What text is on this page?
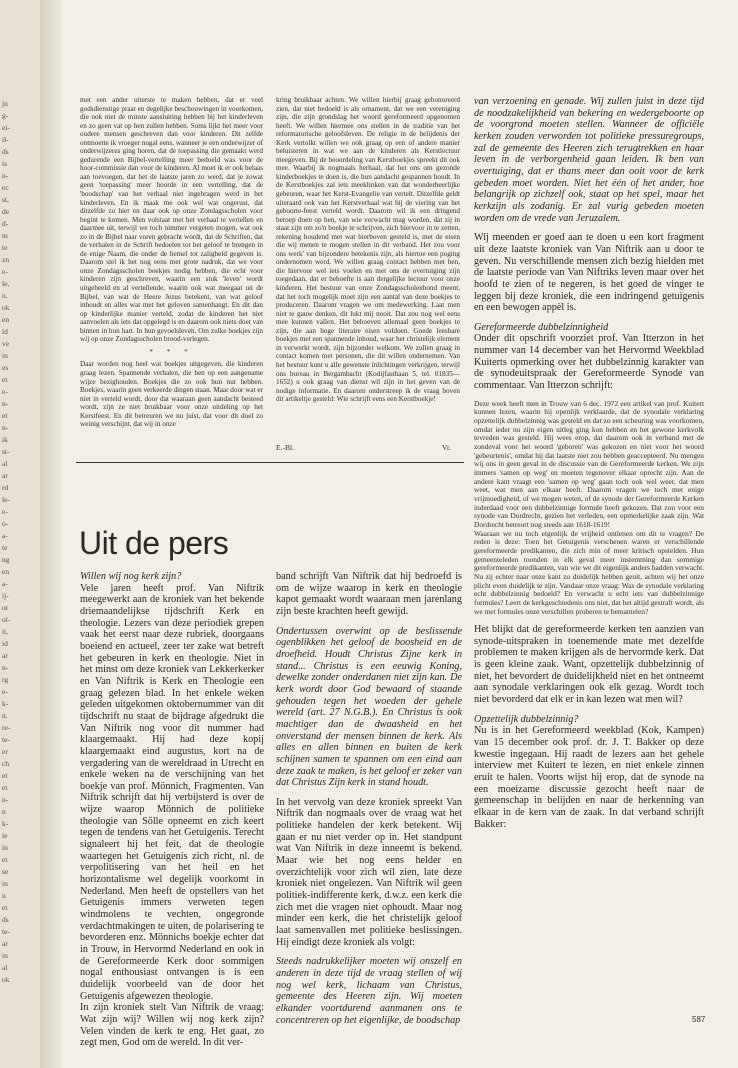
jn
g-
ei-
il-
ds
is
n-
ec
st,
de
d-
m
te
zn
e-
le,
n.
ok
en
ld
ve
in
es
et
e-
n-
et
n-
ik
st-
al
ar
rd
le-
e-
o-
a-
te
ng
en
a-
ij-
or
ol-
it,
id
ar
n-
rg
e-
k-
n.
re-
te-
er
ch
et
et
n-
n
k-
ie
in
et
se
in
n
et
ds
te-
ar
in
al
ok

met een ander uiterste te maken hebben, dat er veel godsdienstige praat en degelijke beschouwingen in voorkomen, die ook niet de minste aansluiting hebben bij het kinderleven en zo geen vat op hen zullen hebben. Soms lijkt het meer voor oudere mensen geschreven dan voor kinderen. Dit zelfde ontmoette ik vroeger nogal eens, wanneer je een onderwijzer of onderwijzeres ging horen, dat de toepassing die gemaakt werd gedurende een Bijbel-vertelling meer bedoeld was voor de hoor-commissie dan voor de kinderen. Al moet ik er ook belaas aan toevoegen, dat het de laatste jaren zo werd, dat je zowat geen 'toepassing' meer hoorde in een vertelling, dat de 'boodschap' van het verhaal niet ingebragen werd in het kinderleven. En ik maak me ook wel wat ongerust, dat ditzelfde zo hier en daar ook op onze Zondagsscholen voor begint te komen. Men volstaat met het verhaal te vertellen en daarmee uit, terwijl we toch nimmer vergeten mogen, wat ook zo in de Bijbel naar voren gebracht wordt, dat de Schriften, dat de verhalen in de Schrift bedoelen tot het geloof te brengen in de enige Naam, die onder de hemel tot zaligheid gegeven is. Daarom stel ik het nog eens met grote nadruk, dat we voor onze Zondagsscholen boekjes nodig hebben, die echt voor kinderen zijn geschreven, waarin een stuk 'leven' wordt uitgebeeld en al vertellende, waarin ook wat meegaat uit de Bijbel, van wat de Heere Jezus betekent, van wat geloof inhoudt en alles wat met het geloven samenhangt. En dit dan op kinderlijke manier verteld, zodat de kinderen het niet aanvoelen als iets dat opgelegd is en daarom ook niets doet van binnen in hun hart. In hun gevoelsleven. Om zulke boekjes zijn wij op onze Zondagsscholen brood-verlegen.

* * *

Daar worden nog heel wat boekjes uitgegeven, die kinderen graag lezen. Spannende verhalen, die hen op een aangename wijze bezighouden. Boekjes die zo ook hun nut hebben. Boekjes, waarin geen verkeerde dingen staan. Maar door wat er niet in verteld wordt, door dat waaraan geen aandacht besteed wordt, zijn ze niet bruikbaar voor onze uitdeling op het Kerstfeest. En dit betreuren we nu juist, dat voor dit doel zo weinig verschijnt, dat wij in onze

kring bruikbaar achten. We willen hierbij graag gehonoreerd zien, dat niet bedoeld is als ornament, dat we een vereniging zijn, die zijn grondslag het woord gereformeerd opgenomen heeft. We willen hiermee ons stellen in de traditie van het reformatorische geloofsleven. De religie in de belijdenis der Kerk vertolkt willen we ook graag op een of andere manier beluisteren in wat we aan de kinderen als Kerstlectuur meegeven. Bij de beoordeling van Kerstboekjes spreekt dit ook mee. Waarbij ik nogmaals herhaal, dat het ons om gezonde kinderboekjes te doen is, die hun aandacht gespannen houdt. In de Kerstboekjes zal iets meeklinken van dat wonderheerlijke gebeuren, waar het Kerst-Evangelie van vertelt. Ditzelfde geldt uiteraard ook van het Kerstverhaal wat bij de viering van het geboorte-feest verteld wordt. Daarom wil ik een dringend beroep doen op hen, van wie verwacht mag worden, dat zij in staat zijn om zo'n boekje te schrijven, zich hiervoor in te zetten, rekening houdend met wat hierboven gesteld is, met de eisen die wij menen te mogen stellen in dit verband. Het zou voor ons werk' van bijzondere betekenis zijn, als hiertoe een poging ondernomen werd. We willen graag contact hebben met hen, die hiervoor wel iets voelen en met ons de overtuiging zijn toegedaan, dat er behoefte is aan dergelijke lectuur voor onze kinderen. Het bestuur van onze Zondagsscholenbond meent, dat het toch mogelijk moet zijn een aantal van deze boekjes te produceren. Daarom vragen we om medewerking. Laat men niet te gauw denken, dit lukt mij nooit. Dat zou nog wel eens mee kunnen vallen. Het behoeven allemaal geen boekjes te zijn, die aan hoge literaire eisen voldoen. Goede leesbare boekjes met een spannende inhoud, waar het christelijk element in verwerkt wordt, zijn bijzonder welkom. We zullen graag in contact komen met personen, die dit willen ondernemen. Van het bestuur kunt u alle gewenste inlichtingen verkrijgen, terwijl ons bureau in Bergambacht (Kodijfasthaan 5, tel. 01835—1652) u ook graag van dienst wil zijn in het geven van de nodige informatie. En daarom onderstreep ik de vraag boven dit artikeltje gesteld: Wie schrijft eens een Kerstboekje!

E.-Bl.	Vr.

van verzoening en genade. Wij zullen juist in deze tijd de noodzakelijkheid van bekering en wedergeboorte op de voorgrond moeten stellen. Wanneer de officiële kerken zouden verworden tot politieke pressuregroups, zal de gemeente des Heeren zich terugtrekken en haar leven in de verborgenheid gaan leiden. Ik ben van overtuiging, dat er thans meer dan ooit voor de kerk gebeden moet worden. Niet het één of het ander, hoe belangrijk op zichzelf ook, staat op het spel, maar het kerkzijn als zodanig. Er zal vurig gebeden moeten worden om de vrede van Jeruzalem.

Wij meenden er goed aan te doen u een kort fragment uit deze laatste kroniek van Van Niftrik aan u door te geven. Nu verschillende mensen zich bezig hielden met de laatste periode van Van Niftriks leven maar over het hoofd te zien of te negeren, is het goed de vinger te leggen bij deze kroniek, die een indringend getuigenis en een bewogen appèl is.

Gereformeerde dubbelzinnigheid

Onder dit opschrift voorziet prof. Van Itterzon in het nummer van 14 december van het Hervormd Weekblad Kuiterts opmerking over het dubbelzinnig karakter van de synodeuitspraak der Gereformeerde Synode van commentaar. Van Itterzon schrijft:

Deze week heeft men in Trouw van 6 dec. 1972 een artikel van prof. Kuitert kunnen lezen, waarin hij openlijk verklaarde, dat de synodale verklaring opzettelijk dubbelzinnig was gesteld en dat zo een scheuring was voorkomen, omdat ieder nu zijn eigen uitleg ging kon hebben en het gewone kerkvolk tevreden was gesteld. Hij wees erop, dat daarom ook in verband met de zondeval voor het woord 'geboren' was gekozen en niet voor het woord 'gebeurtenis', omdat hij dat laatste niet zou hebben geaccepteerd. Nu mengen wij ons in geen geval in de discussie van de Gereformeerde kerken. We zijn immers 'samen op weg' en moeten tegenover elkaar oprecht zijn. Aan de andere kant vraagt een 'samen op weg' gaan toch ook wel weer, dat men weet, wat men aan elkaar heeft. Daarom vragen we toch met enige vrijmoedigheid, of we mogen weten, of de synode der Gereformeerde Kerken inderdaad voor een dubbelzinnige formule heeft gekozen. Dat zou voor een synode van Dordrecht, gezien het verleden, een opmerkelijke zaak zijn. Wat Dordrecht betreurt nog steeds aan 1618-1619!

Waaraan we nu toch eigenlijk de vrijheid ontlenen om dit te vragen? De reden is deze: Toen het Getuigenis verschenen waren er verschillende gereformeerde predikanten, die zich min of meer kritisch opstelden. Hun gemeenteleden toonden in elk geval meer instemming dan sommige gereformeerde predikanten, van wie we dit eigenlijk anders hadden verwacht. Nu zij echter naar onze kant zo duidelijk hebben geuit, achten wij het onze plicht even duidelijk te zijn. Vandaar onze vraag: Was de synodale verklaring echt dubbelzinnig bedoeld? En verwacht u echt iets van dubbelzinnige formules? Leert de kerkgeschiedenis ons niet, dat het altijd gestraft wordt, als we met formules onze verschillen proberen te bemantelen?

Het blijkt dat de gereformeerde kerken ten aanzien van synode-uitspraken in toenemende mate met dezelfde problemen te maken krijgen als de hervormde kerk. Dat is geen kleine zaak. Want, opzettelijk dubbelzinnig of niet, het bevordert de duidelijkheid niet en het ontneemt aan synodale verklaringen ook elk gezag. Wordt toch niet bevorderd dat elk er in kan lezen wat men wil?

Opzettelijk dubbelzinnig?

Nu is in het Gereformeerd weekblad (Kok, Kampen) van 15 december ook prof. dr. J. T. Bakker op deze kwestie ingegaan. Hij raadt de lezers aan het gehele interview met Kuitert te lezen, en niet enkele zinnen eruit te halen. Voorts wijst hij erop, dat de synode na een moeizame discussie gezocht heeft naar de gemeenschap in belijden en naar de herkenning van elkaar in de kern van de zaak. In dat verband schrijft Bakker:

Uit de pers

Willen wij nog kerk zijn?

Vele jaren heeft prof. Van Niftrik meegewerkt aan de kroniek van het bekende driemaandelijkse tijdschrift Kerk en theologie. Lezers van deze periodiek grepen vaak het eerst naar deze rubriek, doorgaans boeiend en actueel, zeer ter zake wat betreft het gebeuren in kerk en theologie. Niet in het minst om deze kroniek van Lekkerkerker en Van Niftrik is Kerk en Theologie een graag gelezen blad. In het enkele weken geleden uitgekomen oktobernummer van dit tijdschrift nu staat de bijdrage afgedrukt die Van Niftrik nog voor dit nummer had klaargemaakt. Hij had deze kopij klaargemaakt eind augustus, kort na de vergadering van de wereldraad in Utrecht en enkele weken na de verschijning van het boekje van prof. Mönnich, Fragmenten. Van Niftrik schrijft dat hij verbijsterd is over de wijze waarop Mönnich de politieke theologie van Sölle opneemt en zich keert tegen de tendens van het Getuigenis. Terecht signaleert hij het feit, dat de theologie waartegen het Getuigenis zich richt, nl. de verpolitisering van het heil en het horizontalisme wel degelijk voorkomt in Nederland. Men heeft de opstellers van het Getuigenis immers verweten tegen windmolens te vechten, ongegronde verdachtmakingen te uiten, de polarisering te bevorderen enz. Mönnichs boekje echter dat in Trouw, in Hervormd Nederland en ook in de Gereformeerde Kerk door sommigen nogal enthousiast ontvangen is is een duidelijk voorbeeld van de door het Getuigenis afgewezen theologie.

In zijn kroniek stelt Van Niftrik de vraag: Wat zijn wij? Willen wij nog kerk zijn? Velen vinden de kerk te eng. Het gaat, zo zegt men, God om de wereld. In dit ver-

band schrijft Van Niftrik dat hij bedroefd is om de wijze waarop in kerk en theologie kapot gemaakt wordt waaraan men jarenlang zijn beste krachten heeft gewijd.

Ondertussen overwint op de beslissende ogenblikken het geloof de boosheid en de droefheid. Houdt Christus Zijne kerk in stand... Christus is een eeuwig Koning, dewelke zonder onderdanen niet zijn kan. De kerk wordt door God bewaard of staande gehouden tegen het woeden der gehele wereld (art. 27 N.G.B.). En Christus is ook machtiger dan de dwaasheid en het onverstand der mensen binnen de kerk. Als alles en allen binnen en buiten de kerk schijnen samen te spannen om een eind aan deze zaak te maken, is het geloof er zeker van dat Christus Zijn kerk in stand houdt.

In het vervolg van deze kroniek spreekt Van Niftrik dan nogmaals over de vraag wat het politieke handelen der kerk betekent. Wij gaan er nu niet verder op in. Het standpunt wat Van Niftrik in deze inneemt is bekend. Maar wie het nog eens helder en overzichtelijk voor zich wil zien, late deze kroniek niet ongelezen. Van Niftrik wil geen politiek-indifferente kerk, d.w.z. een kerk die zich met die vragen niet ophoudt. Maar nog minder een kerk, die het christelijk geloof laat samenvallen met politieke beslissingen. Hij eindigt deze kroniek als volgt:

Steeds nadrukkelijker moeten wij onszelf en anderen in deze tijd de vraag stellen of wij nog wel kerk, lichaam van Christus, gemeente des Heeren zijn. Wij moeten elkander voortdurend aanmanen ons te concentreren op het eigenlijke, de boodschap	587
